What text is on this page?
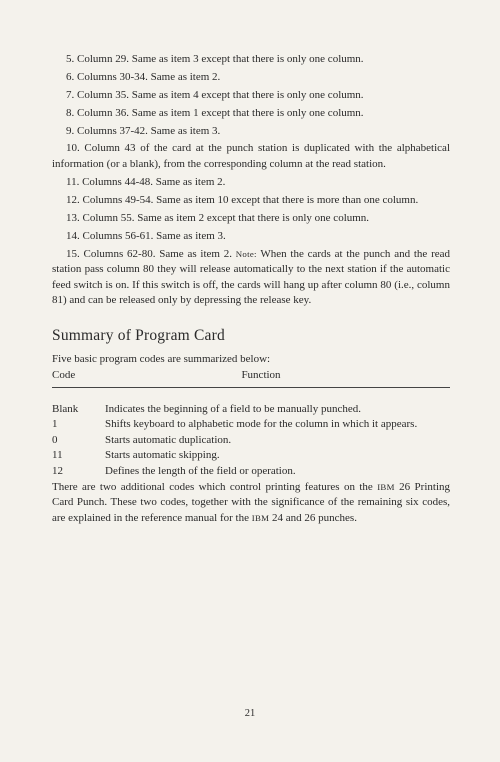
5. Column 29. Same as item 3 except that there is only one column.

6. Columns 30-34. Same as item 2.

7. Column 35. Same as item 4 except that there is only one column.

8. Column 36. Same as item 1 except that there is only one column.

9. Columns 37-42. Same as item 3.

10. Column 43 of the card at the punch station is duplicated with the alphabetical information (or a blank), from the corresponding column at the read station.

11. Columns 44-48. Same as item 2.

12. Columns 49-54. Same as item 10 except that there is more than one column.

13. Column 55. Same as item 2 except that there is only one column.

14. Columns 56-61. Same as item 3.

15. Columns 62-80. Same as item 2. Note: When the cards at the punch and the read station pass column 80 they will release automatically to the next station if the automatic feed switch is on. If this switch is off, the cards will hang up after column 80 (i.e., column 81) and can be released only by depressing the release key.

Summary of Program Card

Five basic program codes are summarized below:

Code	Function
Blank	Indicates the beginning of a field to be manually punched.
1	Shifts keyboard to alphabetic mode for the column in which it appears.
0	Starts automatic duplication.
11	Starts automatic skipping.
12	Defines the length of the field or operation.

There are two additional codes which control printing features on the IBM 26 Printing Card Punch. These two codes, together with the significance of the remaining six codes, are explained in the reference manual for the IBM 24 and 26 punches.

21
